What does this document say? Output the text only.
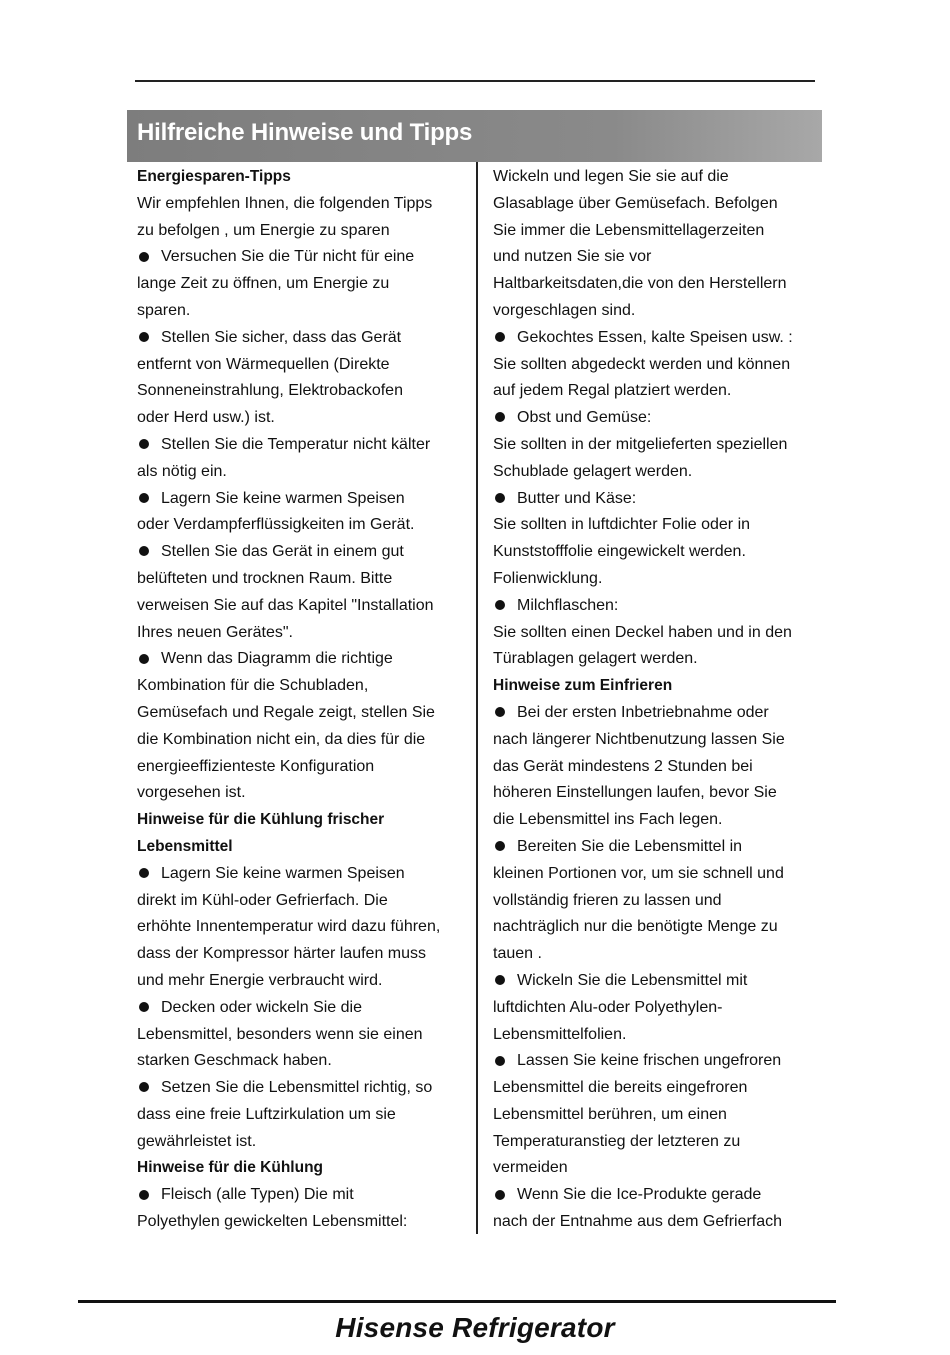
Hilfreiche Hinweise und Tipps
Energiesparen-Tipps
Wir empfehlen Ihnen, die folgenden Tipps
zu befolgen , um Energie zu sparen
Versuchen Sie die Tür nicht für eine
lange Zeit zu öffnen, um Energie zu
sparen.
Stellen Sie sicher, dass das Gerät
entfernt von Wärmequellen (Direkte
Sonneneinstrahlung, Elektrobackofen
oder Herd usw.) ist.
Stellen Sie die Temperatur nicht kälter
als nötig ein.
Lagern Sie keine warmen Speisen
oder Verdampferflüssigkeiten im Gerät.
Stellen Sie das Gerät in einem gut
belüfteten und trocknen Raum. Bitte
verweisen Sie auf das Kapitel "Installation
Ihres neuen Gerätes".
Wenn das Diagramm die richtige
Kombination für die Schubladen,
Gemüsefach und Regale zeigt, stellen Sie
die Kombination nicht ein, da dies für die
energieeffizienteste Konfiguration
vorgesehen ist.
Hinweise für die Kühlung frischer
Lebensmittel
Lagern Sie keine warmen Speisen
direkt im Kühl-oder Gefrierfach. Die
erhöhte Innentemperatur wird dazu führen,
dass der Kompressor härter laufen muss
und mehr Energie verbraucht wird.
Decken oder wickeln Sie die
Lebensmittel, besonders wenn sie einen
starken Geschmack haben.
Setzen Sie die Lebensmittel richtig, so
dass eine freie Luftzirkulation um sie
gewährleistet ist.
Hinweise für die Kühlung
Fleisch (alle Typen) Die mit
Polyethylen gewickelten Lebensmittel:
Wickeln und legen Sie sie auf die
Glasablage über Gemüsefach. Befolgen
Sie immer die Lebensmittellagerzeiten
und nutzen Sie sie vor
Haltbarkeitsdaten,die von den Herstellern
vorgeschlagen sind.
Gekochtes Essen, kalte Speisen usw. :
Sie sollten abgedeckt werden und können
auf jedem Regal platziert werden.
Obst und Gemüse:
Sie sollten in der mitgelieferten speziellen
Schublade gelagert werden.
Butter und Käse:
Sie sollten in luftdichter Folie oder in
Kunststofffolie eingewickelt werden.
Folienwicklung.
Milchflaschen:
Sie sollten einen Deckel haben und in den
Türablagen gelagert werden.
Hinweise zum Einfrieren
Bei der ersten Inbetriebnahme oder
nach längerer Nichtbenutzung lassen Sie
das Gerät mindestens 2 Stunden bei
höheren Einstellungen laufen, bevor Sie
die Lebensmittel ins Fach legen.
Bereiten Sie die Lebensmittel in
kleinen Portionen vor, um sie schnell und
vollständig frieren zu lassen und
nachträglich nur die benötigte Menge zu
tauen .
Wickeln Sie die Lebensmittel mit
luftdichten Alu-oder Polyethylen-
Lebensmittelfolien.
Lassen Sie keine frischen ungefroren
Lebensmittel die bereits eingefroren
Lebensmittel berühren, um einen
Temperaturanstieg der letzteren zu
vermeiden
Wenn Sie die Ice-Produkte gerade
nach der Entnahme aus dem Gefrierfach
Hisense Refrigerator
